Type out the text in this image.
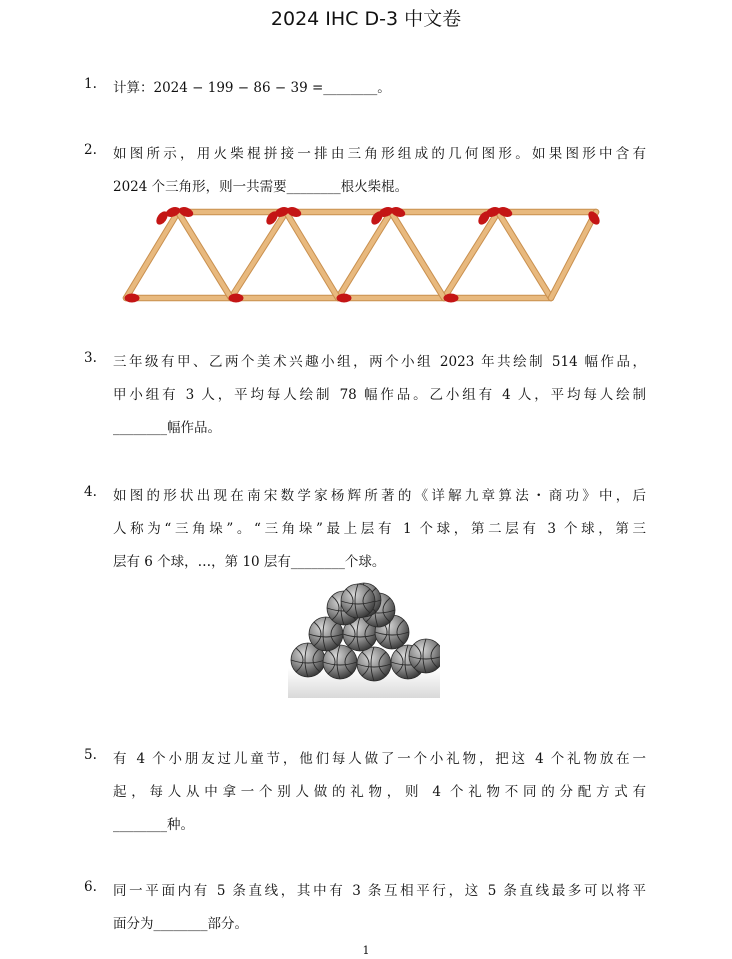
2024 IHC D-3 中文卷
1.	计算：2024 − 199 − 86 − 39 =________。
2.	如图所示，用火柴棍拼接一排由三角形组成的几何图形。如果图形中含有
2024 个三角形，则一共需要________根火柴棍。
3.	三年级有甲、乙两个美术兴趣小组，两个小组 2023 年共绘制 514 幅作品，
甲小组有 3 人，平均每人绘制 78 幅作品。乙小组有 4 人，平均每人绘制
________幅作品。
4.	如图的形状出现在南宋数学家杨辉所著的《详解九章算法・商功》中，后
人称为“三角垛”。“三角垛”最上层有 1 个球，第二层有 3 个球，第三
层有 6 个球，…，第 10 层有________个球。
5.	有 4 个小朋友过儿童节，他们每人做了一个小礼物，把这 4 个礼物放在一
起，每人从中拿一个别人做的礼物，则 4 个礼物不同的分配方式有
________种。
6.	同一平面内有 5 条直线，其中有 3 条互相平行，这 5 条直线最多可以将平
面分为________部分。
1
